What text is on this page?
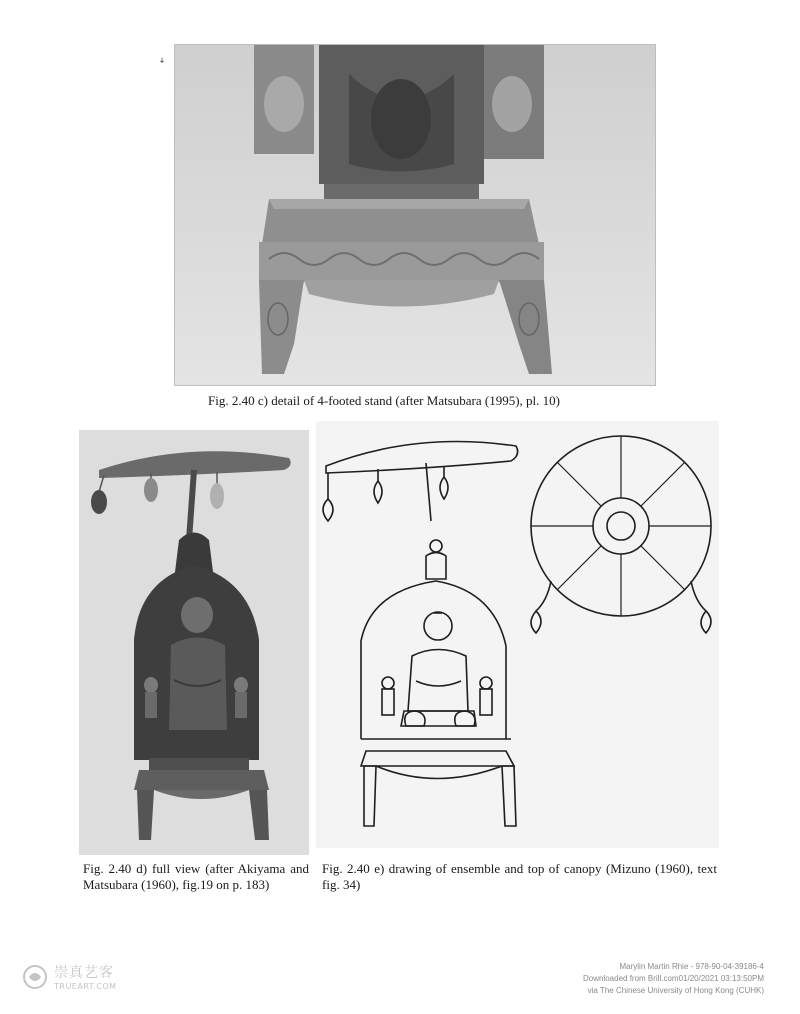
ꜜ
Fig. 2.40 c) detail of 4-footed stand (after Matsubara (1995), pl. 10)
Fig. 2.40 d) full view (after Akiyama and Matsubara (1960), fig.19 on p. 183)
Fig. 2.40 e) drawing of ensemble and top of canopy (Mizuno (1960), text fig. 34)
崇真艺客
TRUEART.COM
Marylin Martin Rhie - 978-90-04-39186-4
Downloaded from Brill.com01/20/2021 03:13:50PM
via The Chinese University of Hong Kong (CUHK)
